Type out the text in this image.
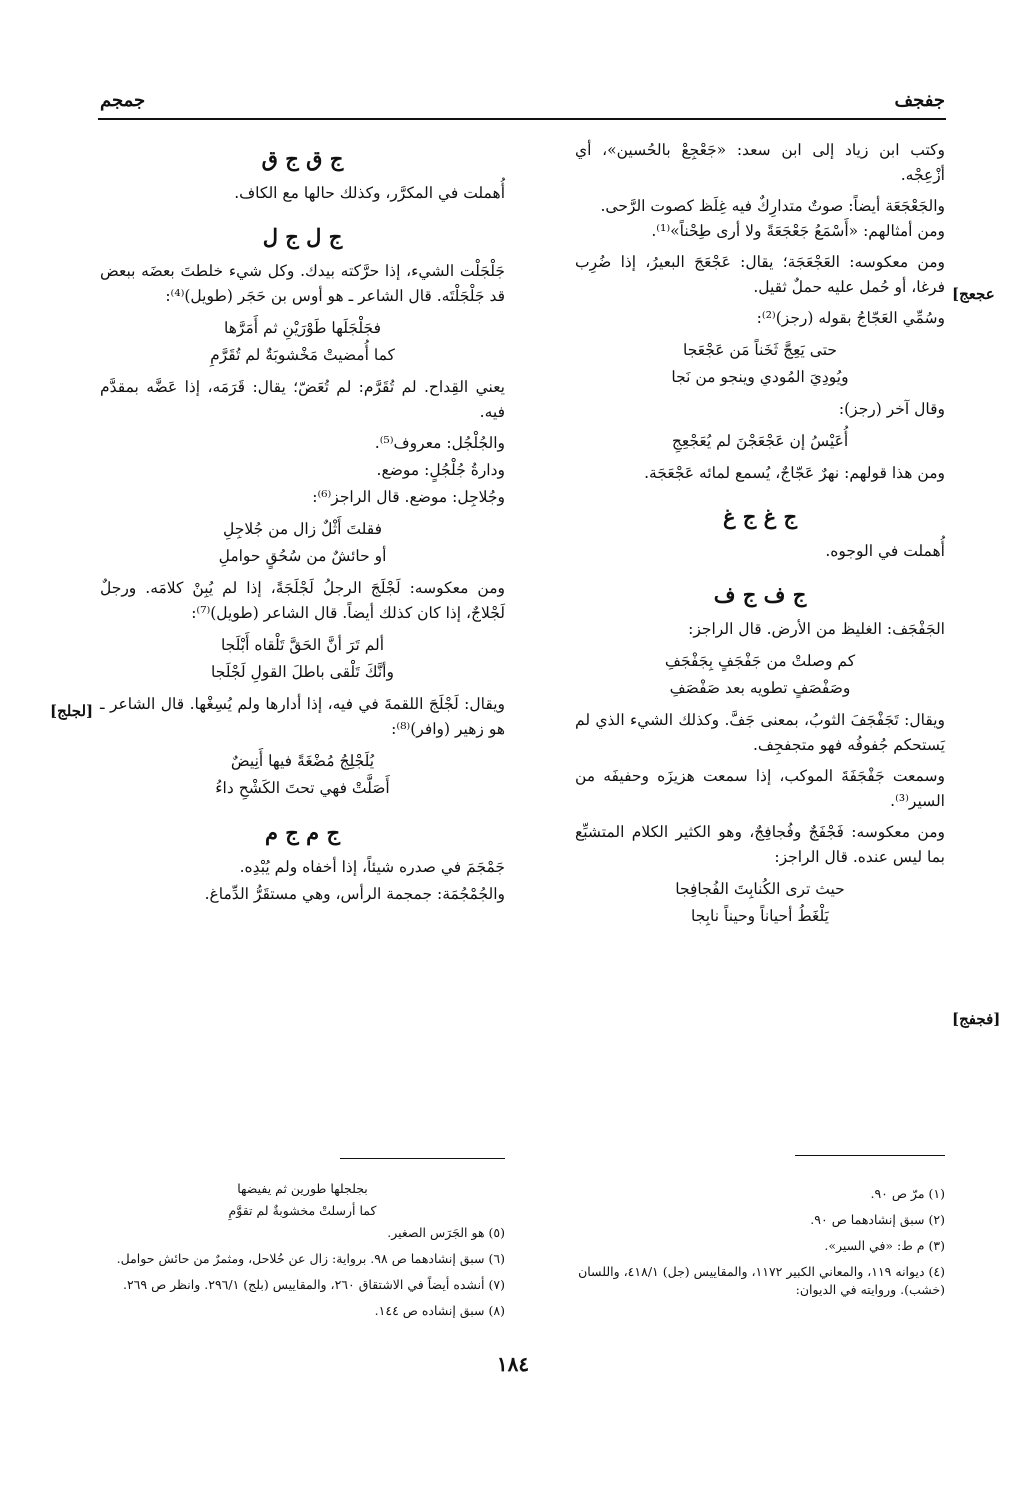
جفجف
جمجم

وكتب ابن زياد إلى ابن سعد: «جَعْجِعْ بالحُسين»، أي أزْعِجْه.

والجَعْجَعَة أيضاً: صوتٌ متدارِكٌ فيه غِلَظ كصوت الرَّحى.

ومن أمثالهم: «أَسْمَعُ جَعْجَعَةً ولا أرى طِحْناً»⁽¹⁾.

ومن معكوسه: العَجْعَجَة؛ يقال: عَجْعَجَ البعيرُ، إذا ضُرِب فرغا، أو حُمل عليه حملٌ ثقيل.

وسُمِّي العَجّاجُ بقوله (رجز)⁽²⁾:

حتى يَعِجَّ ثَخَناً مَن عَجْعَجا
ويُودِيَ المُودي وينجو من نَجا

وقال آخر (رجز):

أُعَيْسُ إن عَجْعَجْنَ لم يُعَجْعِجِ

ومن هذا قولهم: نهرٌ عَجّاجٌ، يُسمع لمائه عَجْعَجَة.

ج غ ج غ

أُهملت في الوجوه.

ج ف ج ف

الجَفْجَف: الغليظ من الأرض. قال الراجز:

كم وصلتْ من جَفْجَفٍ بِجَفْجَفِ
وصَفْصَفٍ تطويه بعد صَفْصَفِ

ويقال: تَجَفْجَفَ الثوبُ، بمعنى جَفَّ. وكذلك الشيء الذي لم يَستحكم جُفوفُه فهو متجفجِف.

وسمعت جَفْجَفَةَ الموكب، إذا سمعت هزيزَه وحفيفَه من السير⁽³⁾.

ومن معكوسه: فَجْفَجٌ وفُجافِجٌ، وهو الكثير الكلام المتشبِّع بما ليس عنده. قال الراجز:

حيث ترى الكُنابِتَ الفُجافِجا
يَلْغَطُ أحياناً وحيناً نابِجا
[عجعج
[فجفج]
ج ق ج ق

أُهملت في المكرَّر، وكذلك حالها مع الكاف.

ج ل ج ل

جَلْجَلْت الشيء، إذا حرَّكته بيدك. وكل شيء خلطتَ بعضَه ببعض قد جَلْجَلْتَه. قال الشاعر ـ هو أوس بن حَجَر (طويل)⁽⁴⁾:

فجَلْجَلَها طَوْرَيْنِ ثم أَمَرَّها
كما أُمضيتْ مَخْشوبَةٌ لم تُقَرَّمِ

يعني القِداح. لم تُقَرَّم: لم تُعَضّ؛ يقال: قَرَمَه، إذا عَضَّه بمقدَّم فيه.

والجُلْجُل: معروف⁽⁵⁾.

ودارةُ جُلْجُلٍ: موضع.

وجُلاجِل: موضع. قال الراجز⁽⁶⁾:

فقلتَ أَثْلٌ زال من جُلاجِلِ
أو حائشٌ من سُحُقٍ حواملِ

ومن معكوسه: لَجْلَجَ الرجلُ لَجْلَجَةً، إذا لم يُبِنْ كلامَه. ورجلٌ لَجْلاجٌ، إذا كان كذلك أيضاً. قال الشاعر (طويل)⁽⁷⁾:

ألم تَرَ أنَّ الحَقَّ تَلْقاه أَبْلَجا
وأنَّكَ تَلْقى باطلَ القولِ لَجْلَجا

ويقال: لَجْلَجَ اللقمةَ في فيه، إذا أدارها ولم يُسِغْها. قال الشاعر ـ هو زهير (وافر)⁽⁸⁾:

يُلَجْلِجُ مُضْغَةً فيها أَنِيضٌ
أَصَلَّتْ فهي تحتَ الكَشْحِ داءُ
ج م ج م

جَمْجَمَ في صدره شيئاً، إذا أخفاه ولم يُبْدِه.

والجُمْجُمَة: جمجمة الرأس، وهي مستقَرُّ الدِّماغ.

[لجلج]
(١) مرّ ص ٩٠.
(٢) سبق إنشادهما ص ٩٠.
(٣) م ط: «في السير».
(٤) ديوانه ١١٩، والمعاني الكبير ١١٧٢، والمقاييس (جل) ٤١٨/١، واللسان (خشب). وروايته في الديوان:
بجلجلها طورين ثم يفيضها
كما أرسلتْ مخشوبةٌ لم تقوَّمِ
(٥) هو الجَرَس الصغير.
(٦) سبق إنشادهما ص ٩٨. برواية: زال عن حُلاحل، ومثمرٌ من حائش حوامل.
(٧) أنشده أيضاً في الاشتقاق ٢٦٠، والمقاييس (بلج) ٢٩٦/١. وانظر ص ٢٦٩.
(٨) سبق إنشاده ص ١٤٤.
١٨٤
